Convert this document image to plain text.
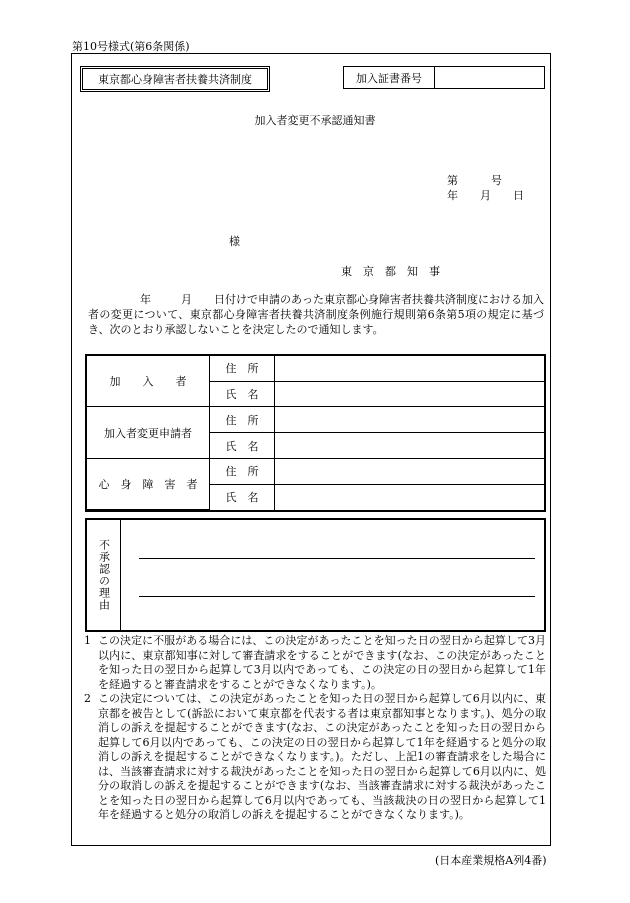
第10号様式(第6条関係)
東京都心身障害者扶養共済制度	加入証書番号
加入者変更不承認通知書
第　　　号
年　　月　　日
様
東　京　都　知　事
年	月 日付けで申請のあった東京都心身障害者扶養共済制度における加入者の変更について、東京都心身障害者扶養共済制度条例施行規則第6条第5項の規定に基づき、次のとおり承認しないことを決定したので通知します。
加　　入　　者	住　所	
	氏　名	
加入者変更申請者	住　所	
	氏　名	
心　身　障　害　者	住　所	
	氏　名	
不承認の理由

1 この決定に不服がある場合には、この決定があったことを知った日の翌日から起算して3月以内に、東京都知事に対して審査請求をすることができます(なお、この決定があったことを知った日の翌日から起算して3月以内であっても、この決定の日の翌日から起算して1年を経過すると審査請求をすることができなくなります。)。

2 この決定については、この決定があったことを知った日の翌日から起算して6月以内に、東京都を被告として(訴訟において東京都を代表する者は東京都知事となります。)、処分の取消しの訴えを提起することができます(なお、この決定があったことを知った日の翌日から起算して6月以内であっても、この決定の日の翌日から起算して1年を経過すると処分の取消しの訴えを提起することができなくなります。)。ただし、上記1の審査請求をした場合には、当該審査請求に対する裁決があったことを知った日の翌日から起算して6月以内に、処分の取消しの訴えを提起することができます(なお、当該審査請求に対する裁決があったことを知った日の翌日から起算して6月以内であっても、当該裁決の日の翌日から起算して1年を経過すると処分の取消しの訴えを提起することができなくなります。)。

(日本産業規格A列4番)
